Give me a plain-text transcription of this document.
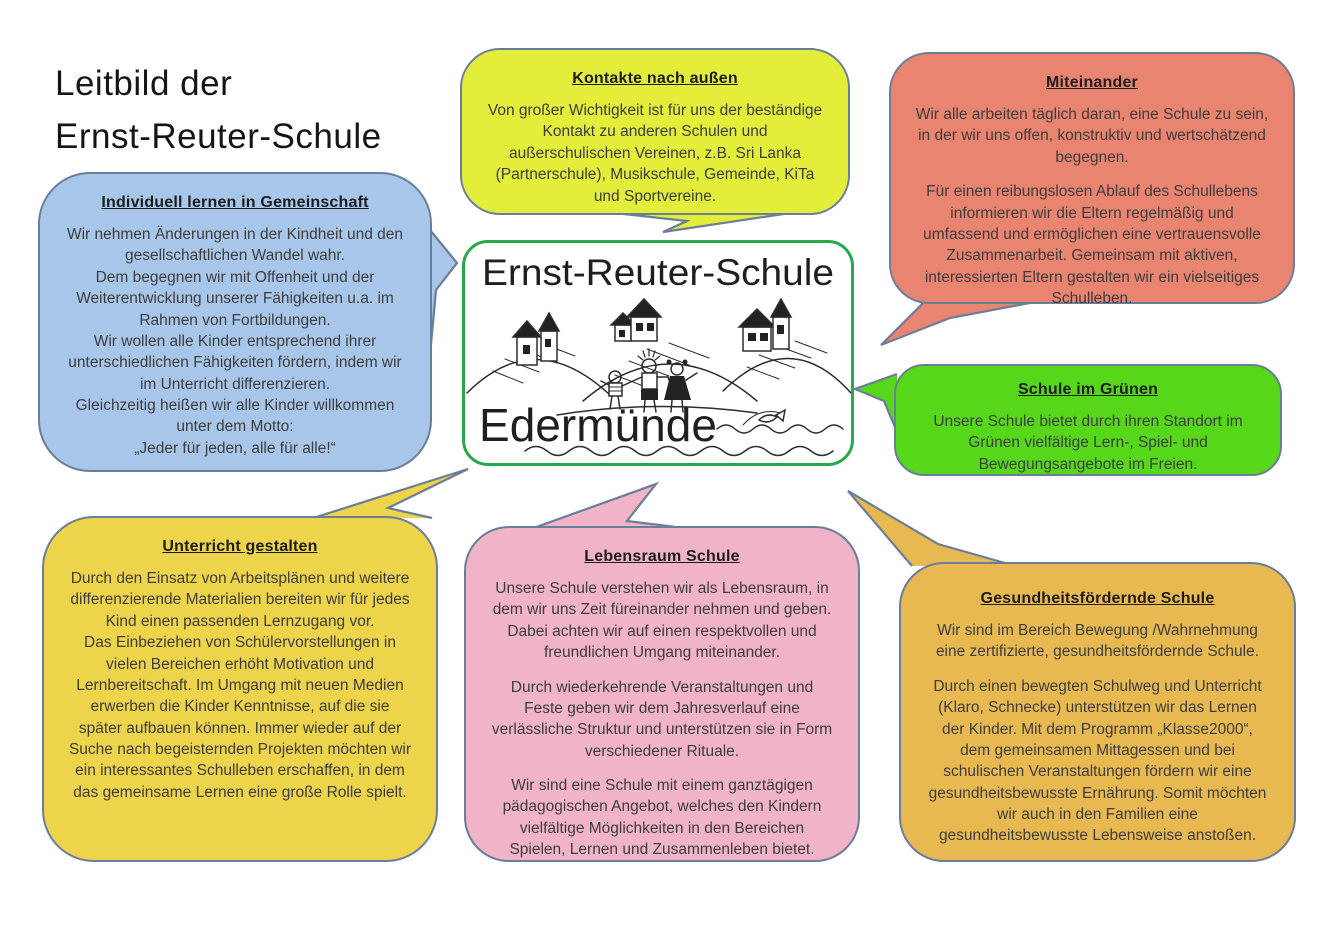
Leitbild der
Ernst-Reuter-Schule
Ernst-Reuter-Schule
Edermünde
Individuell lernen in Gemeinschaft

Wir nehmen Änderungen in der Kindheit und den gesellschaftlichen Wandel wahr.

Dem begegnen wir mit Offenheit und der Weiterentwicklung unserer Fähigkeiten u.a. im Rahmen von Fortbildungen.

Wir wollen alle Kinder entsprechend ihrer unterschiedlichen Fähigkeiten fördern, indem wir im Unterricht differenzieren.

Gleichzeitig heißen wir alle Kinder willkommen unter dem Motto:

„Jeder für jeden, alle für alle!“

Kontakte nach außen

Von großer Wichtigkeit ist für uns der beständige Kontakt zu anderen Schulen und außerschulischen Vereinen, z.B. Sri Lanka (Partnerschule), Musikschule, Gemeinde, KiTa und Sportvereine.

Miteinander

Wir alle arbeiten täglich daran, eine Schule zu sein, in der wir uns offen, konstruktiv und wertschätzend begegnen.

Für einen reibungslosen Ablauf des Schullebens informieren wir die Eltern regelmäßig und umfassend und ermöglichen eine vertrauensvolle Zusammenarbeit. Gemeinsam mit aktiven, interessierten Eltern gestalten wir ein vielseitiges Schulleben.

Schule im Grünen

Unsere Schule bietet durch ihren Standort im Grünen vielfältige Lern-, Spiel- und Bewegungsangebote im Freien.

Unterricht gestalten

Durch den Einsatz von Arbeitsplänen und weitere differenzierende Materialien bereiten wir für jedes Kind einen passenden Lernzugang vor.

Das Einbeziehen von Schülervorstellungen in vielen Bereichen erhöht Motivation und Lernbereitschaft. Im Umgang mit neuen Medien erwerben die Kinder Kenntnisse, auf die sie später aufbauen können. Immer wieder auf der Suche nach begeisternden Projekten möchten wir ein interessantes Schulleben erschaffen, in dem das gemeinsame Lernen eine große Rolle spielt.

Lebensraum Schule

Unsere Schule verstehen wir als Lebensraum, in dem wir uns Zeit füreinander nehmen und geben. Dabei achten wir auf einen respektvollen und freundlichen Umgang miteinander.

Durch wiederkehrende Veranstaltungen und Feste geben wir dem Jahresverlauf eine verlässliche Struktur und unterstützen sie in Form verschiedener Rituale.

Wir sind eine Schule mit einem ganztägigen pädagogischen Angebot, welches den Kindern vielfältige Möglichkeiten in den Bereichen Spielen, Lernen und Zusammenleben bietet.

Gesundheitsfördernde Schule

Wir sind im Bereich Bewegung /Wahrnehmung eine zertifizierte, gesundheitsfördernde Schule.

Durch einen bewegten Schulweg und Unterricht (Klaro, Schnecke) unterstützen wir das Lernen der Kinder. Mit dem Programm „Klasse2000“, dem gemeinsamen Mittagessen und bei schulischen Veranstaltungen fördern wir eine gesundheitsbewusste Ernährung. Somit möchten wir auch in den Familien eine gesundheitsbewusste Lebensweise anstoßen.
